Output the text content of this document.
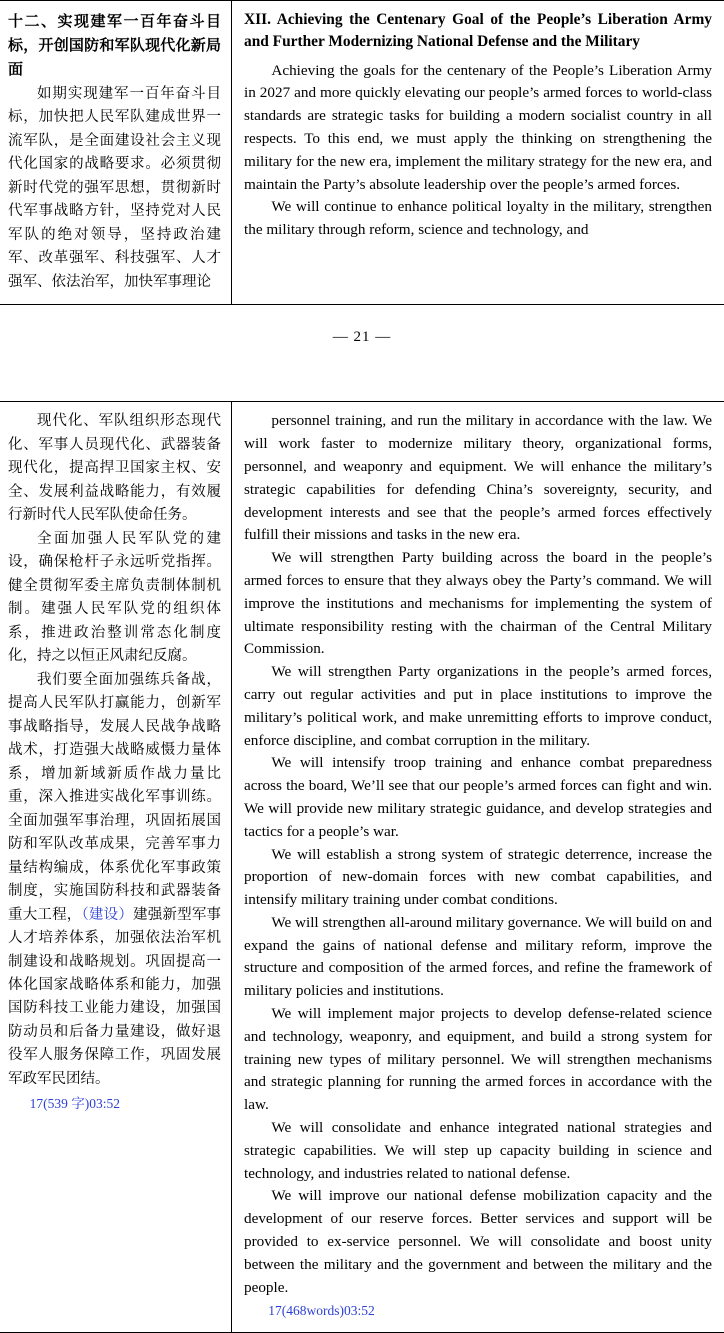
十二、实现建军一百年奋斗目标，开创国防和军队现代化新局面

如期实现建军一百年奋斗目标，加快把人民军队建成世界一流军队，是全面建设社会主义现代化国家的战略要求。必须贯彻新时代党的强军思想，贯彻新时代军事战略方针，坚持党对人民军队的绝对领导，坚持政治建军、改革强军、科技强军、人才强军、依法治军，加快军事理论

XII. Achieving the Centenary Goal of the People’s Liberation Army and Further Modernizing National Defense and the Military

Achieving the goals for the centenary of the People’s Liberation Army in 2027 and more quickly elevating our people’s armed forces to world-class standards are strategic tasks for building a modern socialist country in all respects. To this end, we must apply the thinking on strengthening the military for the new era, implement the military strategy for the new era, and maintain the Party’s absolute leadership over the people’s armed forces.

We will continue to enhance political loyalty in the military, strengthen the military through reform, science and technology, and

— 21 —

现代化、军队组织形态现代化、军事人员现代化、武器装备现代化，提高捍卫国家主权、安全、发展利益战略能力，有效履行新时代人民军队使命任务。

全面加强人民军队党的建设，确保枪杆子永远听党指挥。健全贯彻军委主席负责制体制机制。建强人民军队党的组织体系，推进政治整训常态化制度化，持之以恒正风肃纪反腐。

我们要全面加强练兵备战，提高人民军队打赢能力，创新军事战略指导，发展人民战争战略战术，打造强大战略威慑力量体系，增加新域新质作战力量比重，深入推进实战化军事训练。全面加强军事治理，巩固拓展国防和军队改革成果，完善军事力量结构编成，体系优化军事政策制度，实施国防科技和武器装备重大工程，（建设）建强新型军事人才培养体系，加强依法治军机制建设和战略规划。巩固提高一体化国家战略体系和能力，加强国防科技工业能力建设，加强国防动员和后备力量建设，做好退役军人服务保障工作，巩固发展军政军民团结。

17(539 字)03:52

personnel training, and run the military in accordance with the law. We will work faster to modernize military theory, organizational forms, personnel, and weaponry and equipment. We will enhance the military’s strategic capabilities for defending China’s sovereignty, security, and development interests and see that the people’s armed forces effectively fulfill their missions and tasks in the new era.

We will strengthen Party building across the board in the people’s armed forces to ensure that they always obey the Party’s command. We will improve the institutions and mechanisms for implementing the system of ultimate responsibility resting with the chairman of the Central Military Commission.

We will strengthen Party organizations in the people’s armed forces, carry out regular activities and put in place institutions to improve the military’s political work, and make unremitting efforts to improve conduct, enforce discipline, and combat corruption in the military.

We will intensify troop training and enhance combat preparedness across the board, We’ll see that our people’s armed forces can fight and win. We will provide new military strategic guidance, and develop strategies and tactics for a people’s war.

We will establish a strong system of strategic deterrence, increase the proportion of new-domain forces with new combat capabilities, and intensify military training under combat conditions.

We will strengthen all-around military governance. We will build on and expand the gains of national defense and military reform, improve the structure and composition of the armed forces, and refine the framework of military policies and institutions.

We will implement major projects to develop defense-related science and technology, weaponry, and equipment, and build a strong system for training new types of military personnel. We will strengthen mechanisms and strategic planning for running the armed forces in accordance with the law.

We will consolidate and enhance integrated national strategies and strategic capabilities. We will step up capacity building in science and technology, and industries related to national defense.

We will improve our national defense mobilization capacity and the development of our reserve forces. Better services and support will be provided to ex-service personnel. We will consolidate and boost unity between the military and the government and between the military and the people.

17(468words)03:52
